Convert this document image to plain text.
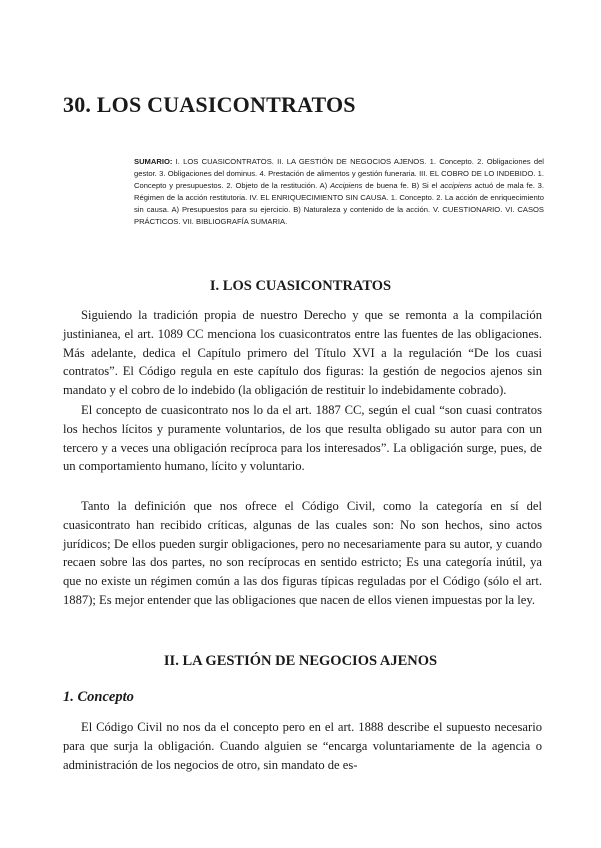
30. LOS CUASICONTRATOS

SUMARIO: I. LOS CUASICONTRATOS. II. LA GESTIÓN DE NEGOCIOS AJENOS. 1. Concepto. 2. Obligaciones del gestor. 3. Obligaciones del dominus. 4. Prestación de alimentos y gestión funeraria. III. EL COBRO DE LO INDEBIDO. 1. Concepto y presupuestos. 2. Objeto de la restitución. A) Accipiens de buena fe. B) Si el accipiens actuó de mala fe. 3. Régimen de la acción restitutoria. IV. EL ENRIQUECIMIENTO SIN CAUSA. 1. Concepto. 2. La acción de enriquecimiento sin causa. A) Presupuestos para su ejercicio. B) Naturaleza y contenido de la acción. V. CUESTIONARIO. VI. CASOS PRÁCTICOS. VII. BIBLIOGRAFÍA SUMARIA.

I. LOS CUASICONTRATOS

Siguiendo la tradición propia de nuestro Derecho y que se remonta a la compilación justinianea, el art. 1089 CC menciona los cuasicontratos entre las fuentes de las obligaciones. Más adelante, dedica el Capítulo primero del Título XVI a la regulación “De los cuasi contratos”. El Código regula en este capítulo dos figuras: la gestión de negocios ajenos sin mandato y el cobro de lo indebido (la obligación de restituir lo indebidamente cobrado).

El concepto de cuasicontrato nos lo da el art. 1887 CC, según el cual “son cuasi contratos los hechos lícitos y puramente voluntarios, de los que resulta obligado su autor para con un tercero y a veces una obligación recíproca para los interesados”. La obligación surge, pues, de un comportamiento humano, lícito y voluntario.

Tanto la definición que nos ofrece el Código Civil, como la categoría en sí del cuasicontrato han recibido críticas, algunas de las cuales son: No son hechos, sino actos jurídicos; De ellos pueden surgir obligaciones, pero no necesariamente para su autor, y cuando recaen sobre las dos partes, no son recíprocas en sentido estricto; Es una categoría inútil, ya que no existe un régimen común a las dos figuras típicas reguladas por el Código (sólo el art. 1887); Es mejor entender que las obligaciones que nacen de ellos vienen impuestas por la ley.

II. LA GESTIÓN DE NEGOCIOS AJENOS
1. Concepto

El Código Civil no nos da el concepto pero en el art. 1888 describe el supuesto necesario para que surja la obligación. Cuando alguien se “encarga voluntariamente de la agencia o administración de los negocios de otro, sin mandato de es-
